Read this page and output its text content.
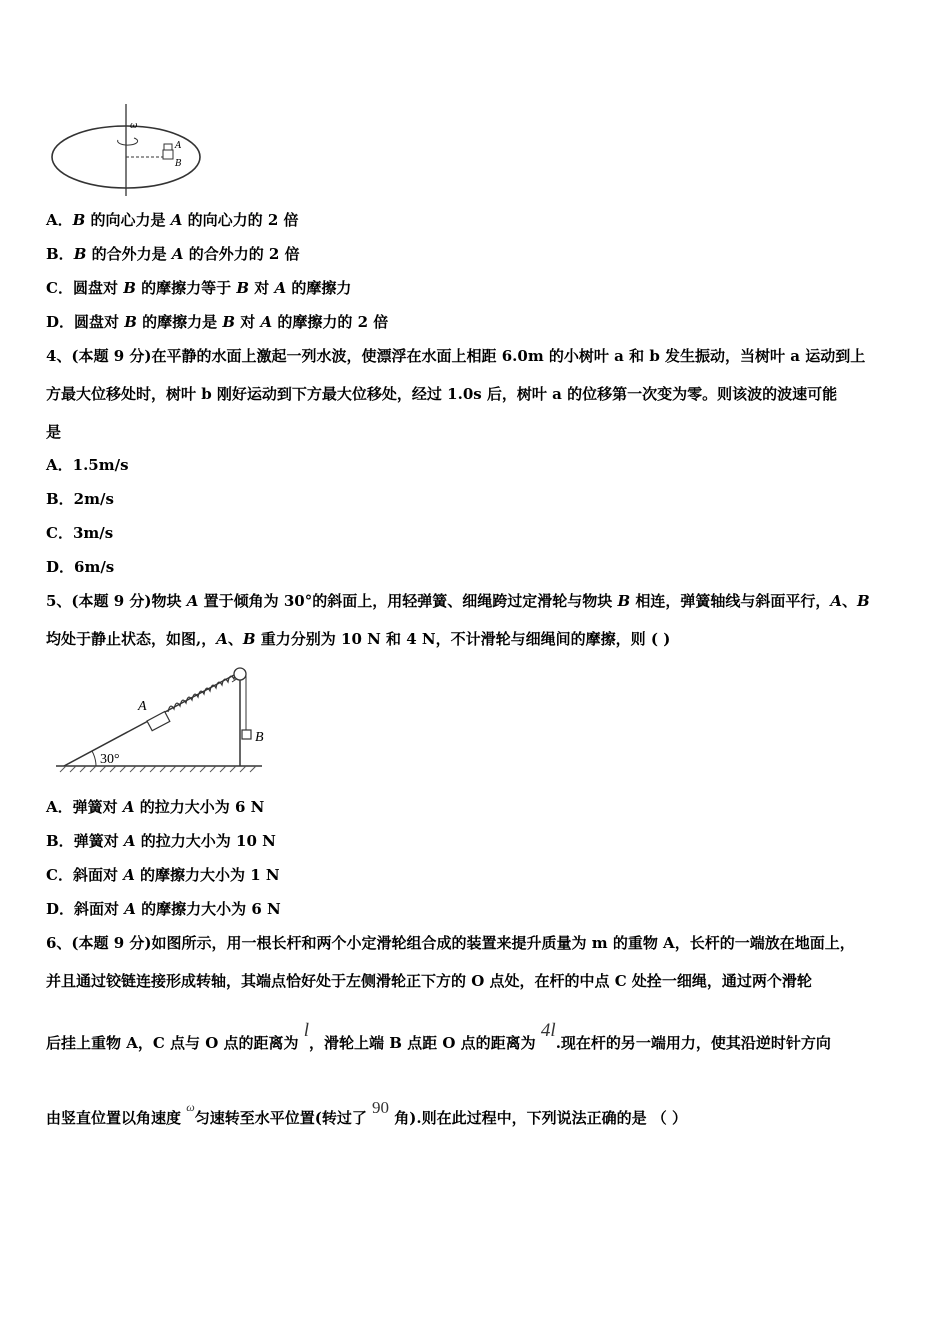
ω
A
B
A．B 的向心力是 A 的向心力的 2 倍
B．B 的合外力是 A 的合外力的 2 倍
C．圆盘对 B 的摩擦力等于 B 对 A 的摩擦力
D．圆盘对 B 的摩擦力是 B 对 A 的摩擦力的 2 倍
4、(本题 9 分)在平静的水面上激起一列水波，使漂浮在水面上相距 6.0m 的小树叶 a 和 b 发生振动，当树叶 a 运动到上
方最大位移处时，树叶 b 刚好运动到下方最大位移处，经过 1.0s 后，树叶 a 的位移第一次变为零。则该波的波速可能
是
A．1.5m/s
B．2m/s
C．3m/s
D．6m/s
5、(本题 9 分)物块 A 置于倾角为 30°的斜面上，用轻弹簧、细绳跨过定滑轮与物块 B 相连，弹簧轴线与斜面平行，A、B
均处于静止状态，如图,，A、B 重力分别为 10 N 和 4 N，不计滑轮与细绳间的摩擦，则 ( )
30°
A
B
A．弹簧对 A 的拉力大小为 6 N
B．弹簧对 A 的拉力大小为 10 N
C．斜面对 A 的摩擦力大小为 1 N
D．斜面对 A 的摩擦力大小为 6 N
6、(本题 9 分)如图所示，用一根长杆和两个小定滑轮组合成的装置来提升质量为 m 的重物 A，长杆的一端放在地面上，
并且通过铰链连接形成转轴，其端点恰好处于左侧滑轮正下方的 O 点处，在杆的中点 C 处拴一细绳，通过两个滑轮
后挂上重物 A，C 点与 O 点的距离为 l，滑轮上端 B 点距 O 点的距离为 4l.现在杆的另一端用力，使其沿逆时针方向
由竖直位置以角速度 $^\omega$匀速转至水平位置(转过了 90 角).则在此过程中，下列说法正确的是 （ ）
